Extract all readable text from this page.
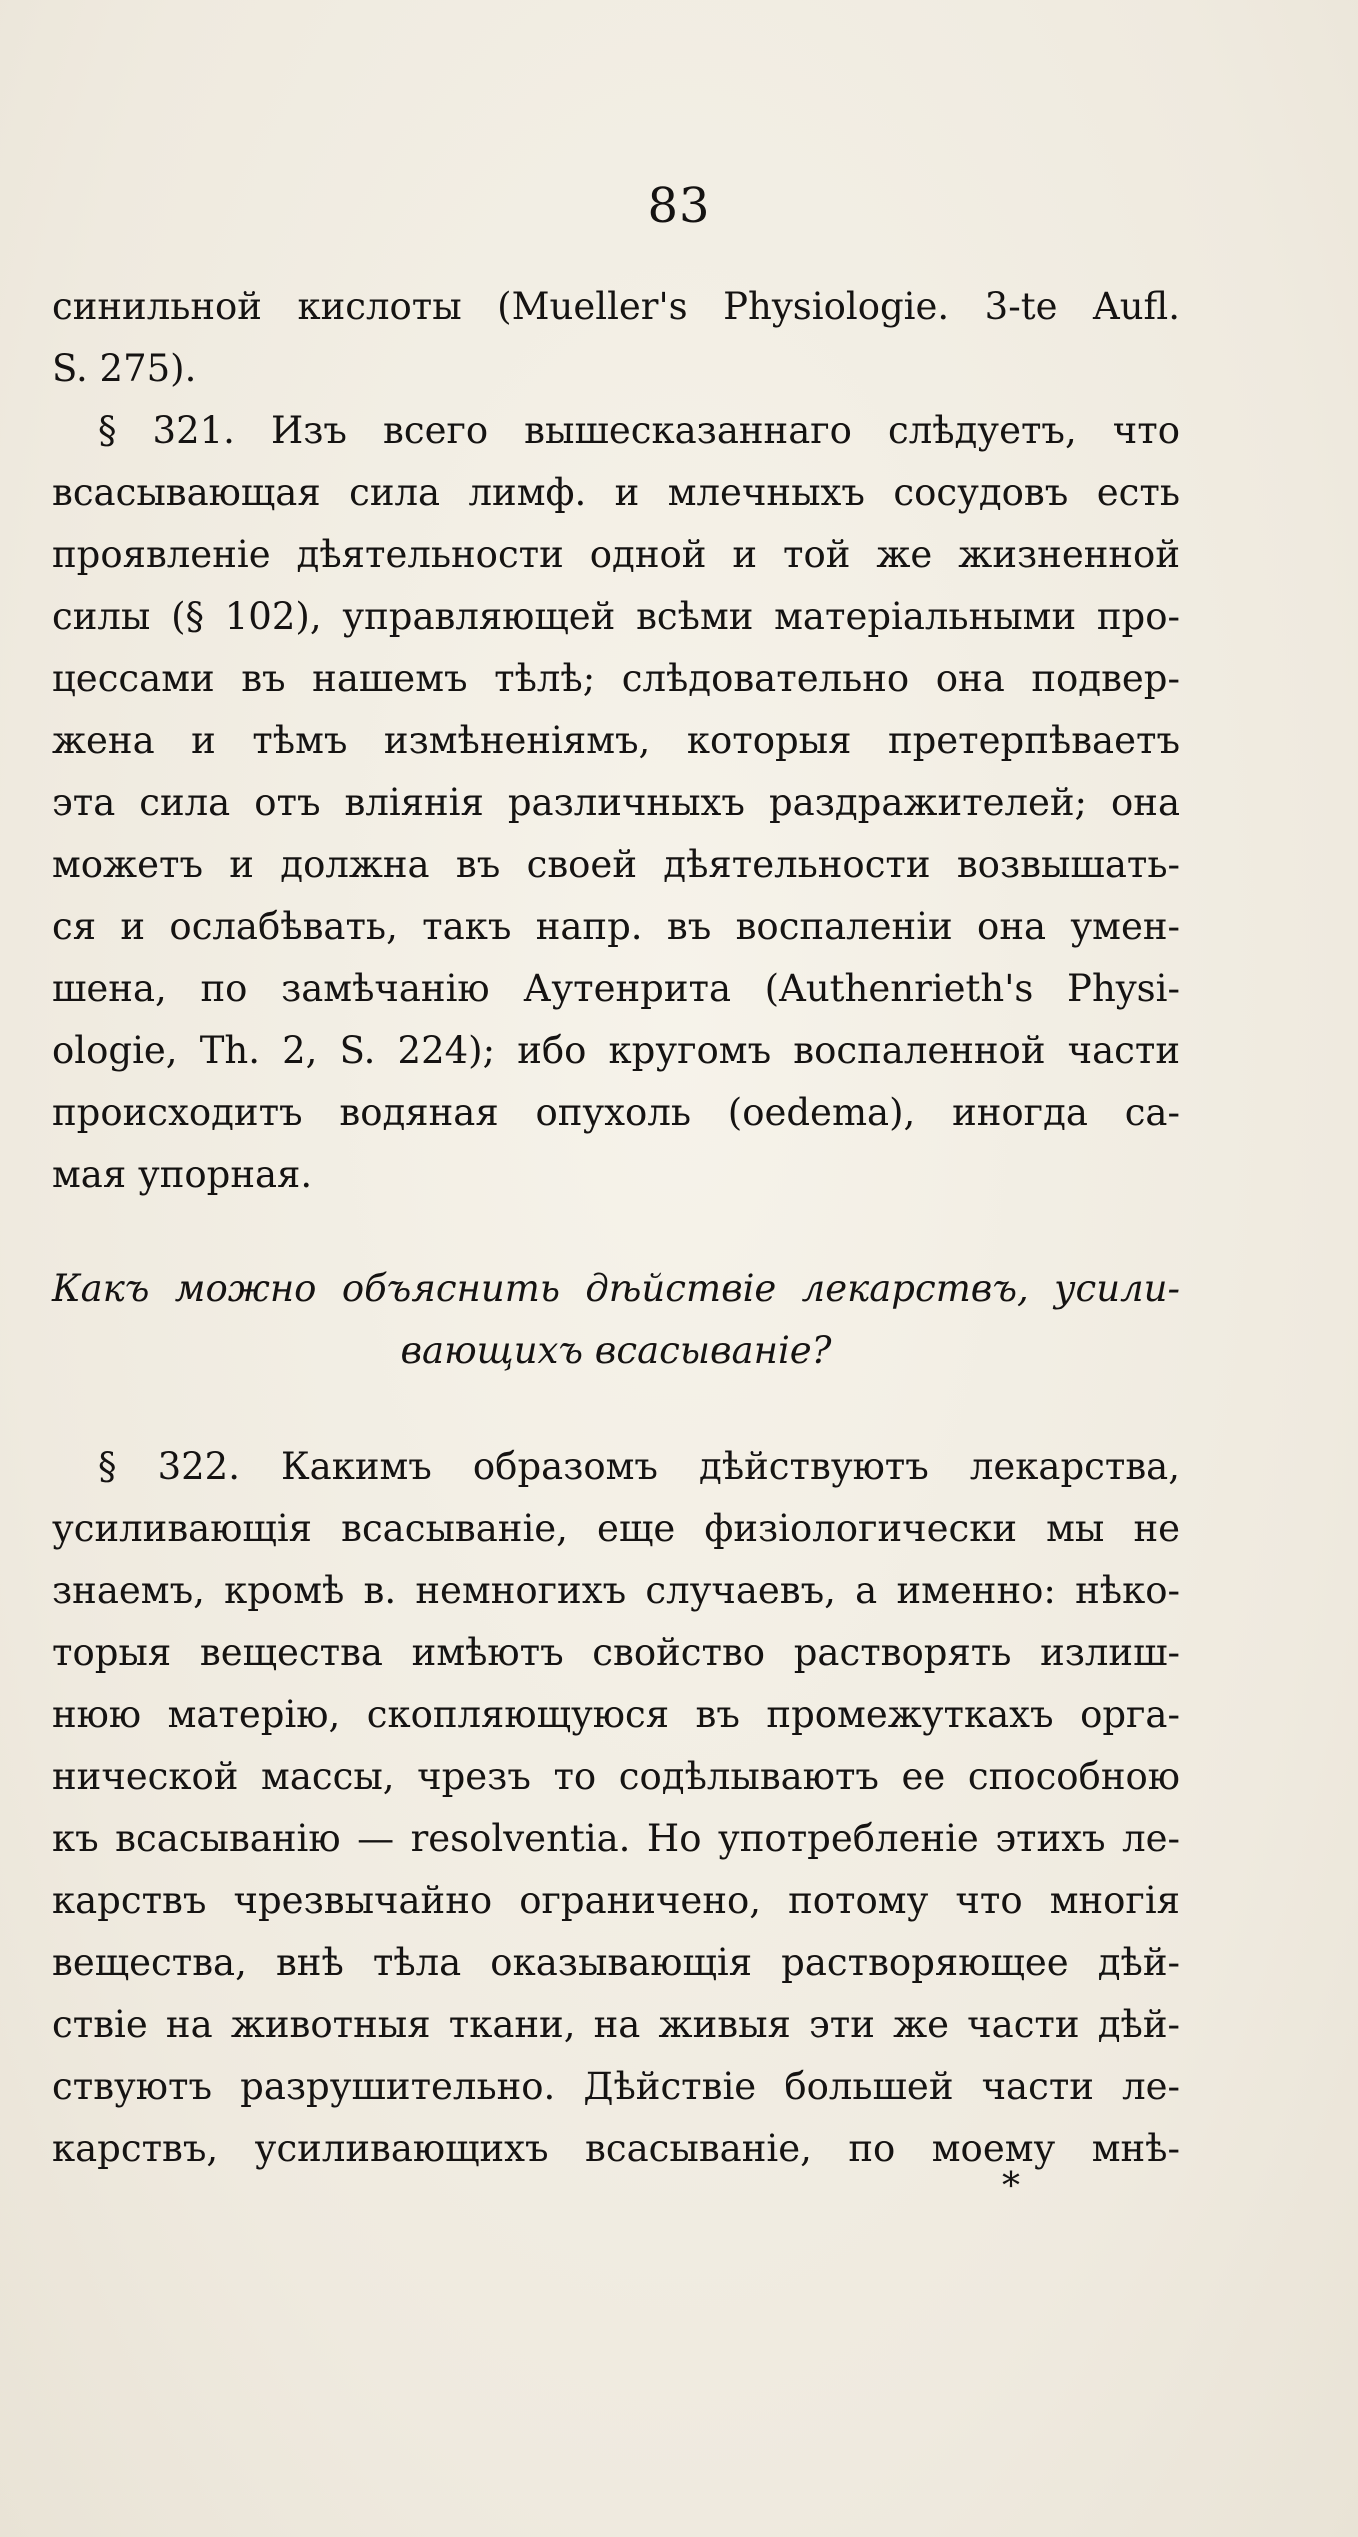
83
синильной кислоты (Mueller's Physiologie. 3-te Aufl.
S. 275).
§ 321. Изъ всего вышесказаннаго слѣдуетъ, что
всасывающая сила лимф. и млечныхъ сосудовъ есть
проявленіе дѣятельности одной и той же жизненной
силы (§ 102), управляющей всѣми матеріальными про-
цессами въ нашемъ тѣлѣ; слѣдовательно она подвер-
жена и тѣмъ измѣненіямъ, которыя претерпѣваетъ
эта сила отъ вліянія различныхъ раздражителей; она
можетъ и должна въ своей дѣятельности возвышать-
ся и ослабѣвать, такъ напр. въ воспаленіи она умен-
шена, по замѣчанію Аутенрита (Authenrieth's Physi-
ologie, Th. 2, S. 224); ибо кругомъ воспаленной части
происходитъ водяная опухоль (oedema), иногда са-
мая упорная.
Какъ можно объяснить дѣйствіе лекарствъ, усили-
вающихъ всасываніе?
§ 322. Какимъ образомъ дѣйствуютъ лекарства,
усиливающія всасываніе, еще физіологически мы не
знаемъ, кромѣ в. немногихъ случаевъ, а именно: нѣко-
торыя вещества имѣютъ свойство растворять излиш-
нюю матерію, скопляющуюся въ промежуткахъ орга-
нической массы, чрезъ то содѣлываютъ ее способною
къ всасыванію — resolventia. Но употребленіе этихъ ле-
карствъ чрезвычайно ограничено, потому что многія
вещества, внѣ тѣла оказывающія растворяющее дѣй-
ствіе на животныя ткани, на живыя эти же части дѣй-
ствуютъ разрушительно. Дѣйствіе большей части ле-
карствъ, усиливающихъ всасываніе, по моему мнѣ-
*
